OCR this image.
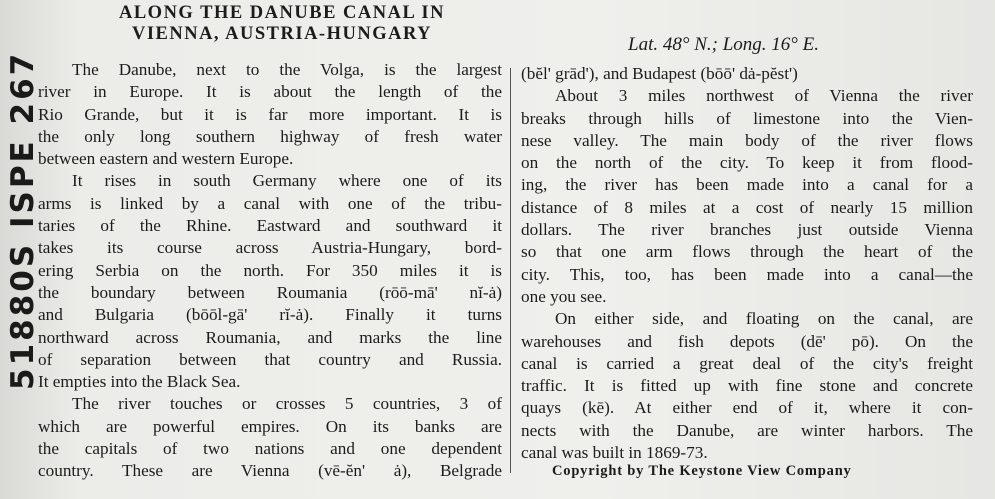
51880S ISPE 267
ALONG THE DANUBE CANAL IN
VIENNA, AUSTRIA-HUNGARY	Lat. 48° N.; Long. 16° E.

The Danube, next to the Volga, is the largest

river in Europe. It is about the length of the

Rio Grande, but it is far more important. It is

the only long southern highway of fresh water

between eastern and western Europe.

It rises in south Germany where one of its

arms is linked by a canal with one of the tribu-

taries of the Rhine. Eastward and southward it

takes its course across Austria-Hungary, bord-

ering Serbia on the north. For 350 miles it is

the boundary between Roumania (rōō-mā' nĭ-ȧ)

and Bulgaria (bōōl-gā' rĭ-ȧ). Finally it turns

northward across Roumania, and marks the line

of separation between that country and Russia.

It empties into the Black Sea.

The river touches or crosses 5 countries, 3 of

which are powerful empires. On its banks are

the capitals of two nations and one dependent

country. These are Vienna (vē-ĕn' ȧ), Belgrade

(bĕl' grād'), and Budapest (bōō' dȧ-pĕst')

About 3 miles northwest of Vienna the river

breaks through hills of limestone into the Vien-

nese valley. The main body of the river flows

on the north of the city. To keep it from flood-

ing, the river has been made into a canal for a

distance of 8 miles at a cost of nearly 15 million

dollars. The river branches just outside Vienna

so that one arm flows through the heart of the

city. This, too, has been made into a canal—the

one you see.

On either side, and floating on the canal, are

warehouses and fish depots (dē' pō). On the

canal is carried a great deal of the city's freight

traffic. It is fitted up with fine stone and concrete

quays (kē). At either end of it, where it con-

nects with the Danube, are winter harbors. The

canal was built in 1869-73.

Copyright by The Keystone View Company
